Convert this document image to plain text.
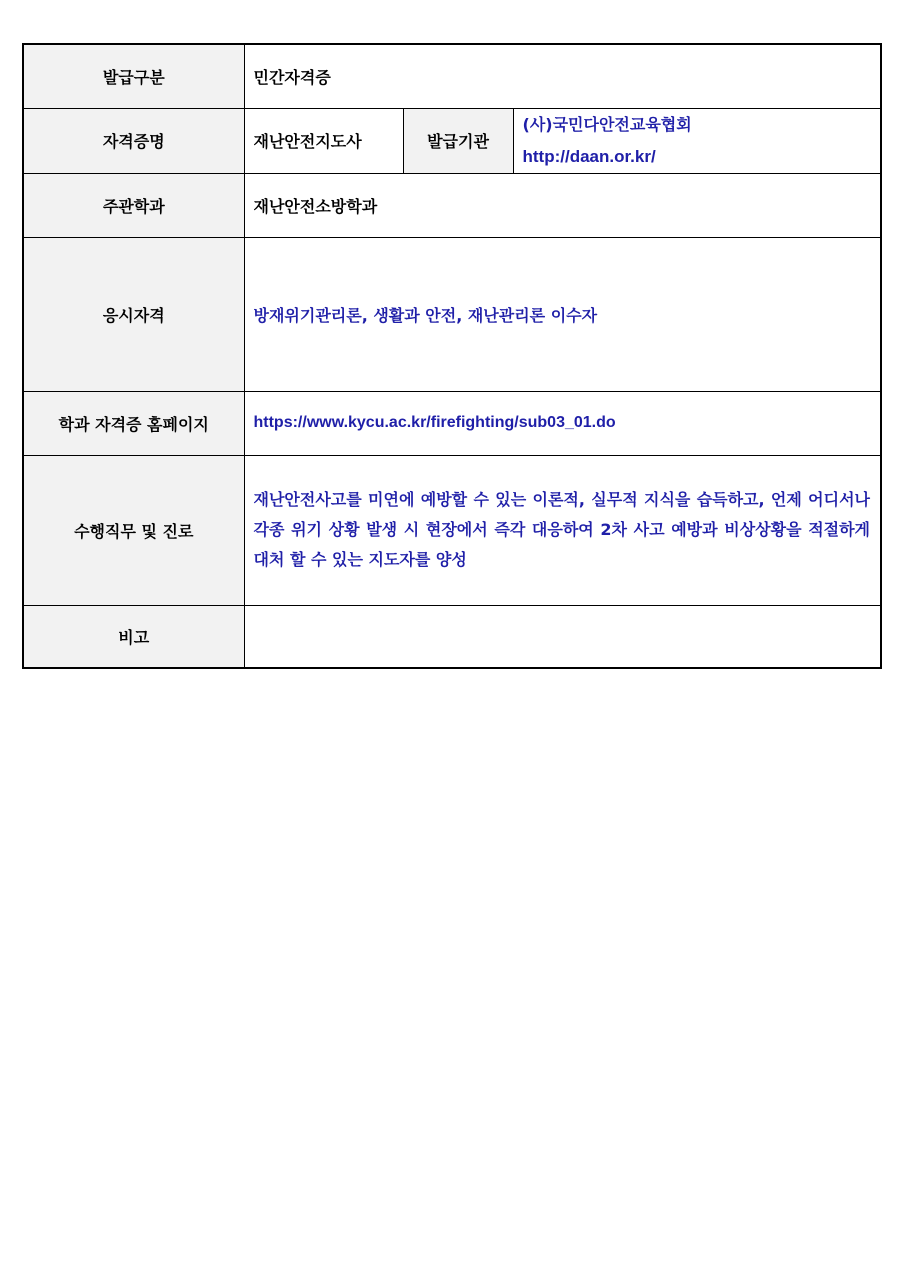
발급구분	민간자격증		
자격증명	재난안전지도사	발급기관	(사)국민다안전교육협회
http://daan.or.kr/

주관학과	재난안전소방학과		
응시자격	방재위기관리론, 생활과 안전, 재난관리론 이수자		
학과 자격증 홈페이지	https://www.kycu.ac.kr/firefighting/sub03_01.do		
수행직무 및 진로	재난안전사고를 미연에 예방할 수 있는 이론적, 실무적 지식을 습득하고, 언제 어디서나 각종 위기 상황 발생 시 현장에서 즉각 대응하여 2차 사고 예방과 비상상황을 적절하게 대처 할 수 있는 지도자를 양성		
비고			
